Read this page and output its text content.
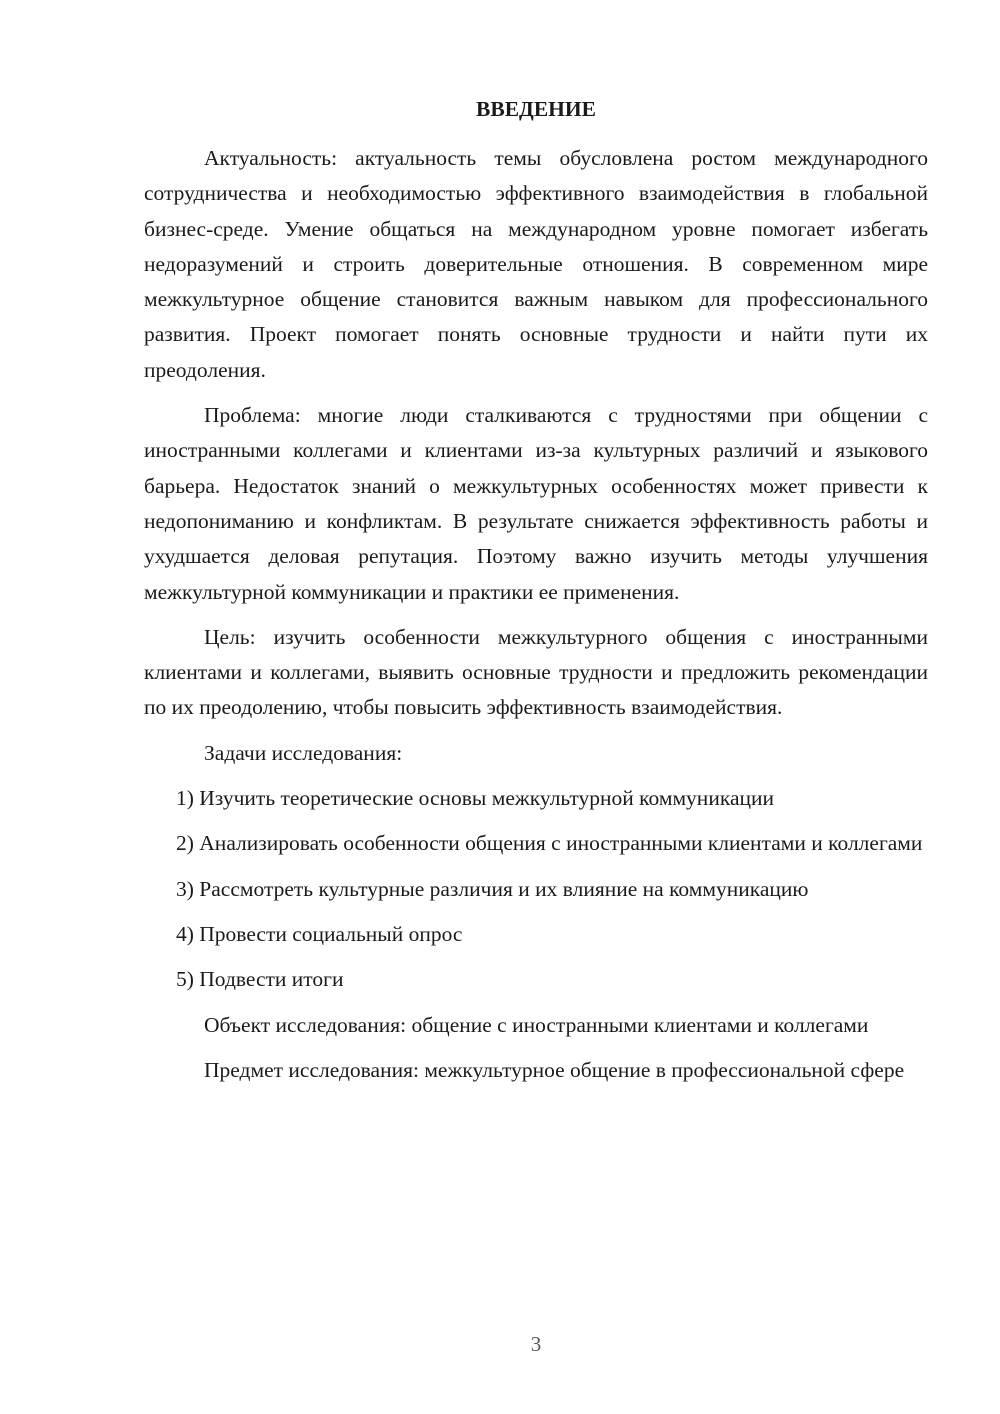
ВВЕДЕНИЕ

Актуальность: актуальность темы обусловлена ростом международного сотрудничества и необходимостью эффективного взаимодействия в глобальной бизнес-среде. Умение общаться на международном уровне помогает избегать недоразумений и строить доверительные отношения. В современном мире межкультурное общение становится важным навыком для профессионального развития. Проект помогает понять основные трудности и найти пути их преодоления.

Проблема: многие люди сталкиваются с трудностями при общении с иностранными коллегами и клиентами из-за культурных различий и языкового барьера. Недостаток знаний о межкультурных особенностях может привести к недопониманию и конфликтам. В результате снижается эффективность работы и ухудшается деловая репутация. Поэтому важно изучить методы улучшения межкультурной коммуникации и практики ее применения.

Цель: изучить особенности межкультурного общения с иностранными клиентами и коллегами, выявить основные трудности и предложить рекомендации по их преодолению, чтобы повысить эффективность взаимодействия.

Задачи исследования:

1) Изучить теоретические основы межкультурной коммуникации

2) Анализировать особенности общения с иностранными клиентами и коллегами

3) Рассмотреть культурные различия и их влияние на коммуникацию

4) Провести социальный опрос

5) Подвести итоги

Объект исследования: общение с иностранными клиентами и коллегами

Предмет исследования: межкультурное общение в профессиональной сфере

3
